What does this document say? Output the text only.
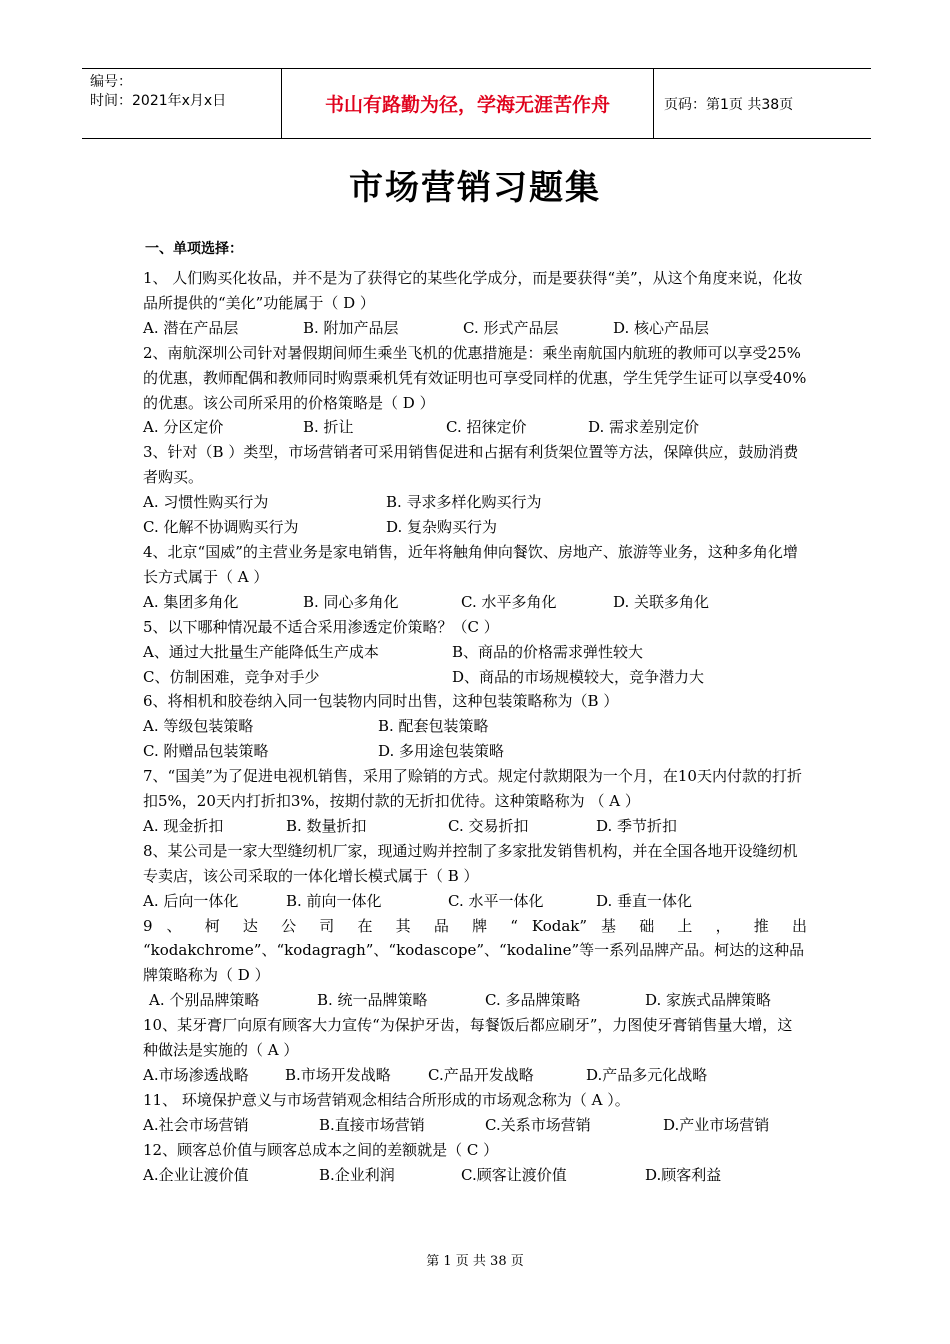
编号：
时间：2021年x月x日	书山有路勤为径，学海无涯苦作舟	页码：第1页 共38页
市场营销习题集
一、单项选择：
1、 人们购买化妆品，并不是为了获得它的某些化学成分，而是要获得“美”，从这个角度来说，化妆品所提供的“美化”功能属于（ D ）
A. 潜在产品层	B. 附加产品层	C. 形式产品层	D. 核心产品层
2、南航深圳公司针对暑假期间师生乘坐飞机的优惠措施是：乘坐南航国内航班的教师可以享受25%的优惠，教师配偶和教师同时购票乘机凭有效证明也可享受同样的优惠，学生凭学生证可以享受40%的优惠。该公司所采用的价格策略是（ D ）
A. 分区定价	B. 折让	C. 招徕定价	D. 需求差别定价
3、针对（B ）类型，市场营销者可采用销售促进和占据有利货架位置等方法，保障供应，鼓励消费者购买。
A. 习惯性购买行为	B. 寻求多样化购买行为
C. 化解不协调购买行为	D. 复杂购买行为
4、北京“国威”的主营业务是家电销售，近年将触角伸向餐饮、房地产、旅游等业务，这种多角化增长方式属于（ A ）
A. 集团多角化	B. 同心多角化	C. 水平多角化	D. 关联多角化
5、以下哪种情况最不适合采用渗透定价策略？（C ）
A、通过大批量生产能降低生产成本	B、商品的价格需求弹性较大
C、仿制困难，竞争对手少	D、商品的市场规模较大，竞争潜力大
6、将相机和胶卷纳入同一包装物内同时出售，这种包装策略称为（B ）
A. 等级包装策略	B. 配套包装策略
C. 附赠品包装策略	D. 多用途包装策略
7、“国美”为了促进电视机销售，采用了赊销的方式。规定付款期限为一个月，在10天内付款的打折扣5%，20天内打折扣3%，按期付款的无折扣优待。这种策略称为 （ A ）
A. 现金折扣	B. 数量折扣	C. 交易折扣	D. 季节折扣
8、某公司是一家大型缝纫机厂家，现通过购并控制了多家批发销售机构，并在全国各地开设缝纫机专卖店，该公司采取的一体化增长模式属于（ B ）
A. 后向一体化	B. 前向一体化	C. 水平一体化	D. 垂直一体化
9 、 柯 达 公 司 在 其 品 牌 “ Kodak” 基 础 上 ， 推 出
“kodakchrome”、“kodagragh”、“kodascope”、“kodaline”等一系列品牌产品。柯达的这种品牌策略称为（ D ）
A. 个别品牌策略	B. 统一品牌策略	C. 多品牌策略	D. 家族式品牌策略
10、某牙膏厂向原有顾客大力宣传“为保护牙齿，每餐饭后都应刷牙”，力图使牙膏销售量大增，这种做法是实施的（ A ）
A.市场渗透战略	B.市场开发战略	C.产品开发战略	D.产品多元化战略
11、 环境保护意义与市场营销观念相结合所形成的市场观念称为（ A ）。
A.社会市场营销	B.直接市场营销	C.关系市场营销	D.产业市场营销
12、顾客总价值与顾客总成本之间的差额就是（ C ）
A.企业让渡价值	B.企业利润	C.顾客让渡价值	D.顾客利益
第 1 页 共 38 页
